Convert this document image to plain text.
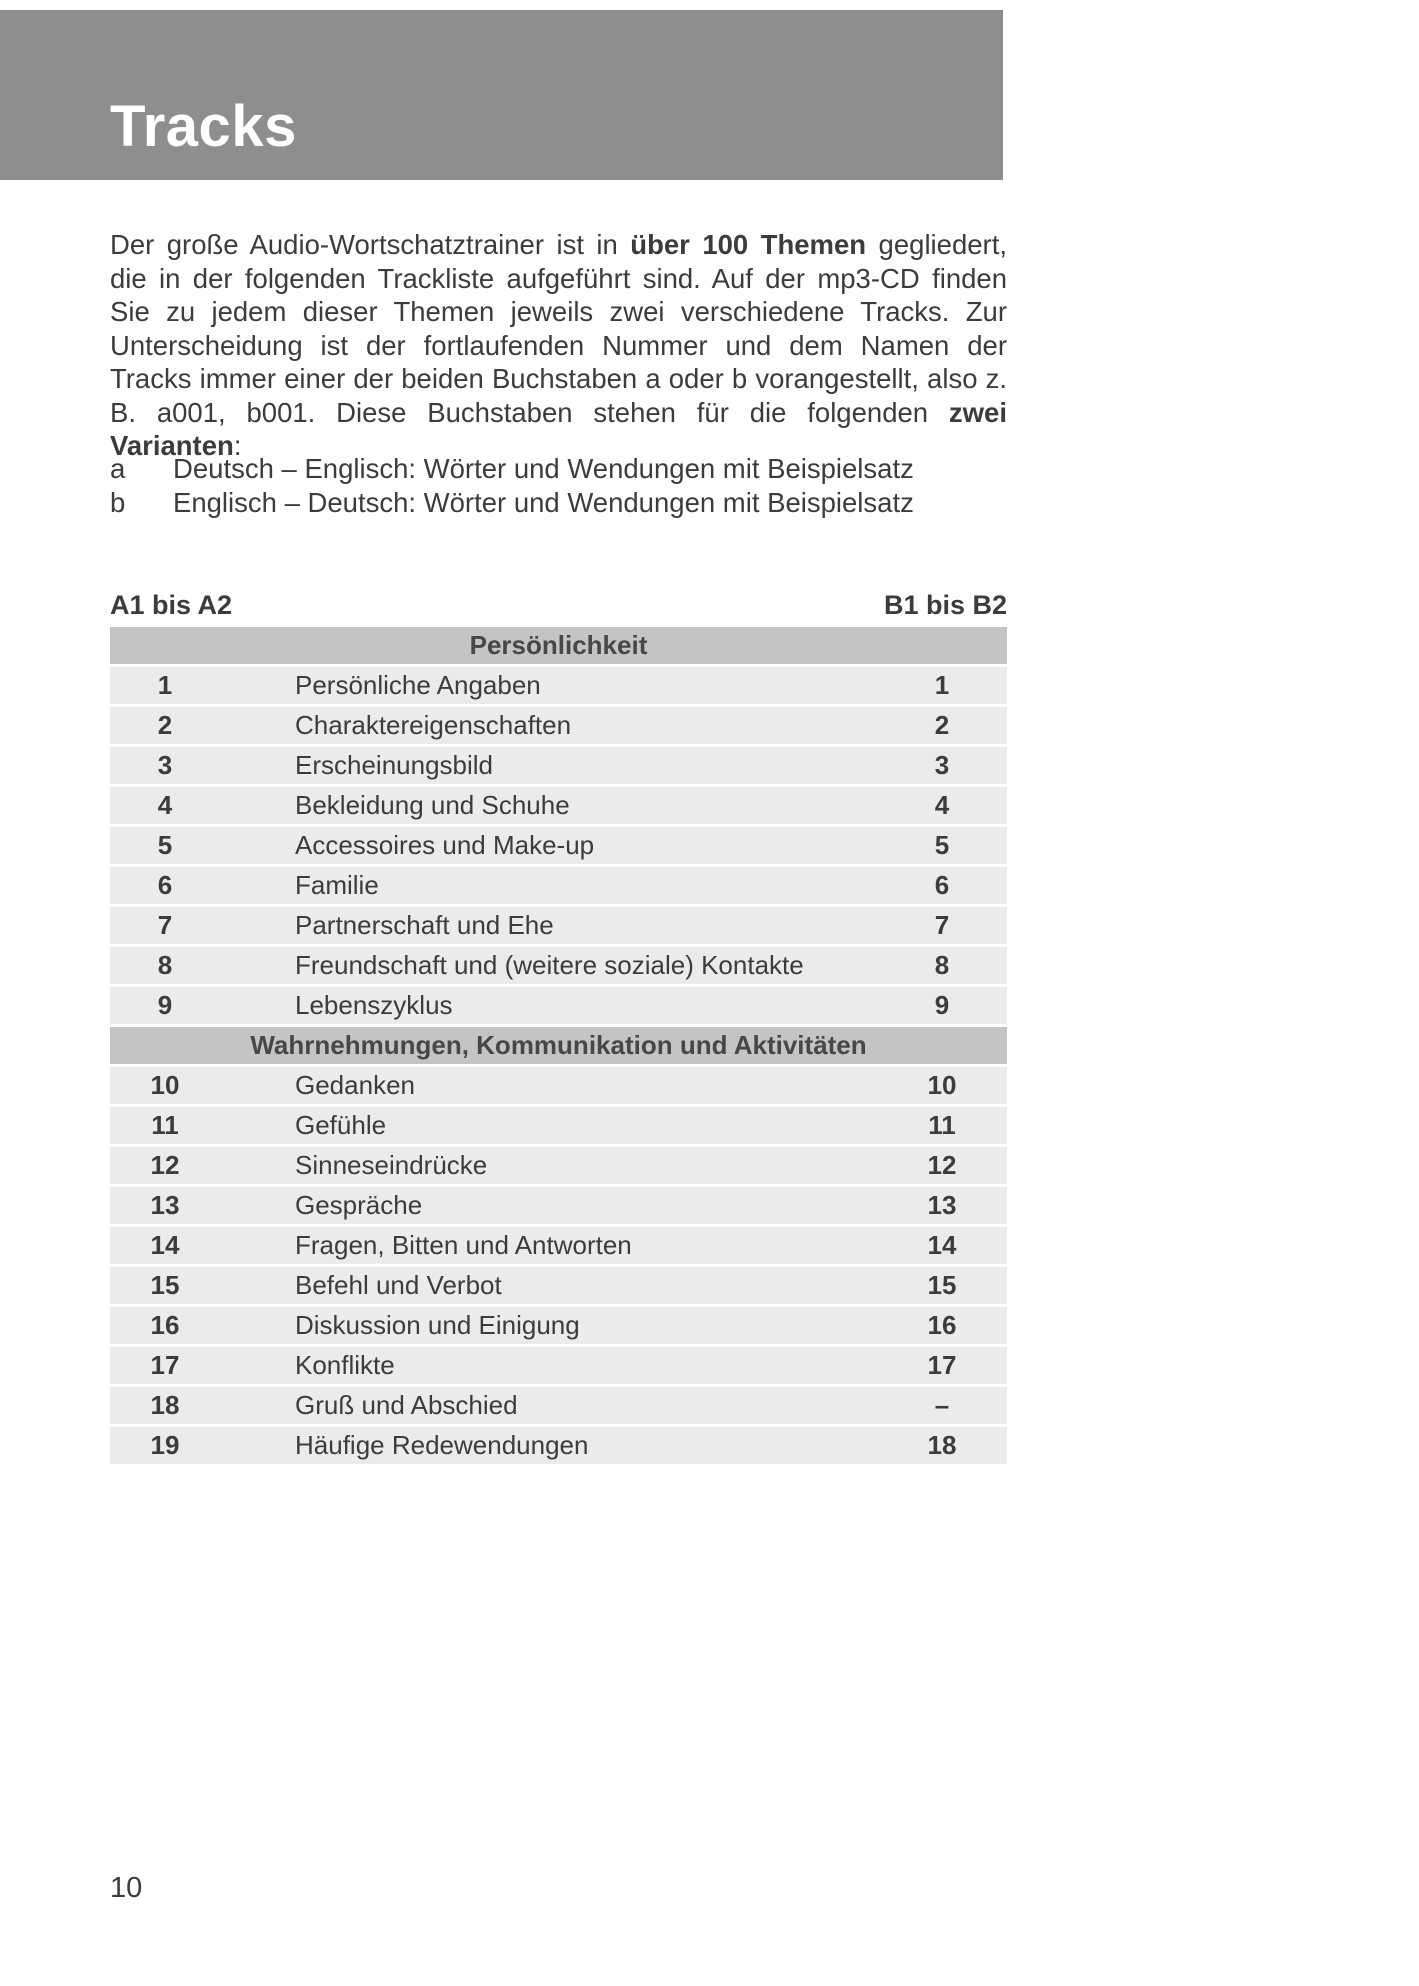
Tracks

Der große Audio-Wortschatztrainer ist in über 100 Themen gegliedert, die in der folgenden Trackliste aufgeführt sind. Auf der mp3-CD finden Sie zu jedem dieser Themen jeweils zwei verschiedene Tracks. Zur Unterscheidung ist der fortlaufenden Nummer und dem Namen der Tracks immer einer der beiden Buchstaben a oder b vorangestellt, also z. B. a001, b001. Diese Buchstaben stehen für die folgenden zwei Varianten:

a	Deutsch – Englisch: Wörter und Wendungen mit Beispielsatz
b	Englisch – Deutsch: Wörter und Wendungen mit Beispielsatz
A1 bis A2	B1 bis B2
Persönlichkeit
1	Persönliche Angaben	1
2	Charaktereigenschaften	2
3	Erscheinungsbild	3
4	Bekleidung und Schuhe	4
5	Accessoires und Make-up	5
6	Familie	6
7	Partnerschaft und Ehe	7
8	Freundschaft und (weitere soziale) Kontakte	8
9	Lebenszyklus	9
Wahrnehmungen, Kommunikation und Aktivitäten
10	Gedanken	10
11	Gefühle	11
12	Sinneseindrücke	12
13	Gespräche	13
14	Fragen, Bitten und Antworten	14
15	Befehl und Verbot	15
16	Diskussion und Einigung	16
17	Konflikte	17
18	Gruß und Abschied	–
19	Häufige Redewendungen	18
10
